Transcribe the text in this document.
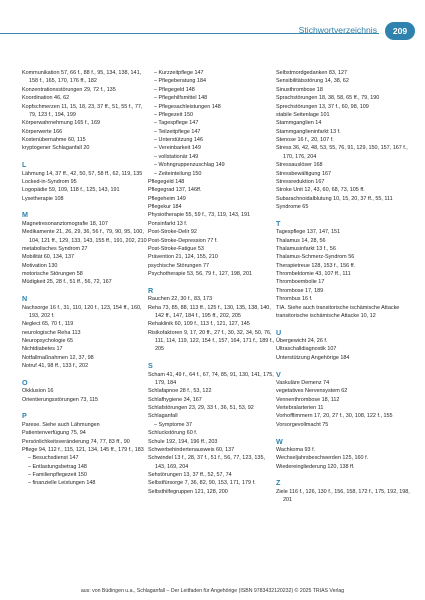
Stichwortverzeichnis	209
Kommunikation 57, 66 f., 88 f., 95, 134, 138, 141, 158 f., 165, 170, 176 ff., 182
Konzentrationsstörungen 29, 72 f., 135
Koordination 46, 62
Kopfschmerzen 11, 15, 18, 23, 37 ff., 51, 55 f., 77, 79, 123 f., 194, 199
Körperwahrnehmung 165 f., 169
Körperwerte 166
Kostenübernahme 60, 115
kryptogener Schlaganfall 20
L
Lähmung 14, 37 ff., 42, 50, 57, 58 ff., 62, 119, 135
Locked-in-Syndrom 95
Logopädie 59, 109, 118 f., 125, 143, 191
Lysetherapie 108
M
Magnetresonanztomografie 18, 107
Medikamente 21, 26, 29, 36, 56 f., 79, 90, 95, 100, 104, 121 ff., 129, 133, 143, 155 ff., 191, 202, 210
metabolisches Syndrom 27
Mobilität 60, 134, 137
Motivation 130
motorische Störungen 58
Müdigkeit 25, 28 f., 51 ff., 56, 72, 167
N
Nachsorge 16 f., 31, 110, 120 f., 123, 154 ff., 160, 193, 202 f.
Neglect 65, 70 f., 119
neurologische Reha 113
Neuropsychologie 65
Nichtdiabetes 17
Notfallmaßnahmen 12, 37, 98
Notruf 41, 98 ff., 133 f., 202
O
Okklusion 16
Orientierungsstörungen 73, 115
P
Parese. Siehe auch Lähmungen
Patientenverfügung 75, 94
Persönlichkeitsveränderung 74, 77, 83 ff., 90
Pflege 94, 112 f., 115, 121, 134, 145 ff., 179 f., 183
– Besuchsdienst 147
– Entlastungsbetrag 148
– Familienpflegezeit 150
– finanzielle Leistungen 148
– Kurzzeitpflege 147
– Pflegeberatung 184
– Pflegegeld 148
– Pflegehilfsmittel 148
– Pflegesachleistungen 148
– Pflegezeit 150
– Tagespflege 147
– Teilzeitpflege 147
– Unterstützung 146
– Vereinbarkeit 149
– vollstationär 149
– Wohngruppenzuschlag 149
– Zeiteinteilung 150
Pflegegeld 148
Pflegegrad 137, 146ff.
Pflegeheim 149
Pflegekur 184
Physiotherapie 55, 59 f., 73, 119, 143, 191
Ponsinfarkt 13 f.
Post-Stroke-Delir 92
Post-Stroke-Depression 77 f.
Post-Stroke-Fatigue 53
Prävention 21, 124, 155, 210
psychische Störungen 77
Psychotherapie 53, 56, 79 f., 127, 198, 201
R
Rauchen 22, 30 f., 83, 173
Reha 73, 85, 88, 113 ff., 125 f., 130, 135, 138, 140, 142 ff., 147, 184 f., 195 ff., 202, 205
Rehaklinik 60, 109 f., 113 f., 121, 127, 145
Risikofaktoren 9, 17, 20 ff., 27 f., 30, 32, 34, 50, 76, 111, 114, 119, 122, 154 f., 157, 164, 171 f., 189 f., 205
S
Scham 41, 49 f., 64 f., 67, 74, 85, 91, 130, 141, 175, 179, 184
Schlafapnoe 28 f., 53, 122
Schlafhygiene 34, 167
Schlafstörungen 23, 29, 33 f., 36, 51, 53, 92
Schlaganfall
– Symptome 37
Schluckstörung 60 f.
Schule 192, 194, 196 ff., 203
Schwerbehindertenausweis 60, 137
Schwindel 13 f., 28, 37 f., 51 f., 56, 77, 123, 135, 143, 169, 204
Sehstörungen 13, 37 ff., 52, 57, 74
Selbstfürsorge 7, 36, 82, 90, 153, 171, 179 f.
Selbsthilfegruppen 121, 128, 200
Selbstmordgedanken 83, 127
Sensibilitätsstörung 14, 38, 62
Sinusthrombose 18
Sprachstörungen 18, 38, 58, 65 ff., 79, 190
Sprechstörungen 13, 37 f., 60, 98, 109
stabile Seitenlage 101
Stammganglien 14
Stammganglieninfarkt 13 f.
Stenose 16 f., 20, 107 f.
Stress 36, 42, 48, 53, 55, 76, 91, 129, 150, 157, 167 f., 170, 176, 204
Stressauslöser 168
Stressbewältigung 167
Stressreduktion 167
Stroke Unit 12, 43, 60, 68, 73, 105 ff.
Subarachnoidalblutung 10, 15, 20, 37 ff., 55, 111
Syndrome 65
T
Tagespflege 137, 147, 151
Thalamus 14, 28, 56
Thalamusinfarkt 13 f., 56
Thalamus-Schmerz-Syndrom 56
Therapietreue 128, 153 f., 156 ff.
Thrombektomie 43, 107 ff., 111
Thromboembolie 17
Thrombose 17, 189
Thrombus 16 f.
TIA. Siehe auch transitorische ischämische Attacke
transitorische ischämische Attacke 10, 12
U
Übergewicht 24, 26 f.
Ultraschalldiagnostik 107
Unterstützung Angehörige 184
V
Vaskuläre Demenz 74
vegetatives Nervensystem 62
Vennenthrombose 18, 112
Vertebralarterien 11
Vorhofflimmern 17, 20, 27 f., 30, 108, 122 f., 155
Vorsorgevollmacht 75
W
Wachkoma 93 f.
Wechseljahrsbeschwerden 125, 160 f.
Wiedereingliederung 120, 138 ff.
Z
Ziele 116 f., 126, 130 f., 156, 158, 172 f., 175, 192, 198, 201
aus: von Büdingen u.a., Schlaganfall – Der Leitfaden für Angehörige (ISBN 9783432120232) © 2025 TRIAS Verlag
